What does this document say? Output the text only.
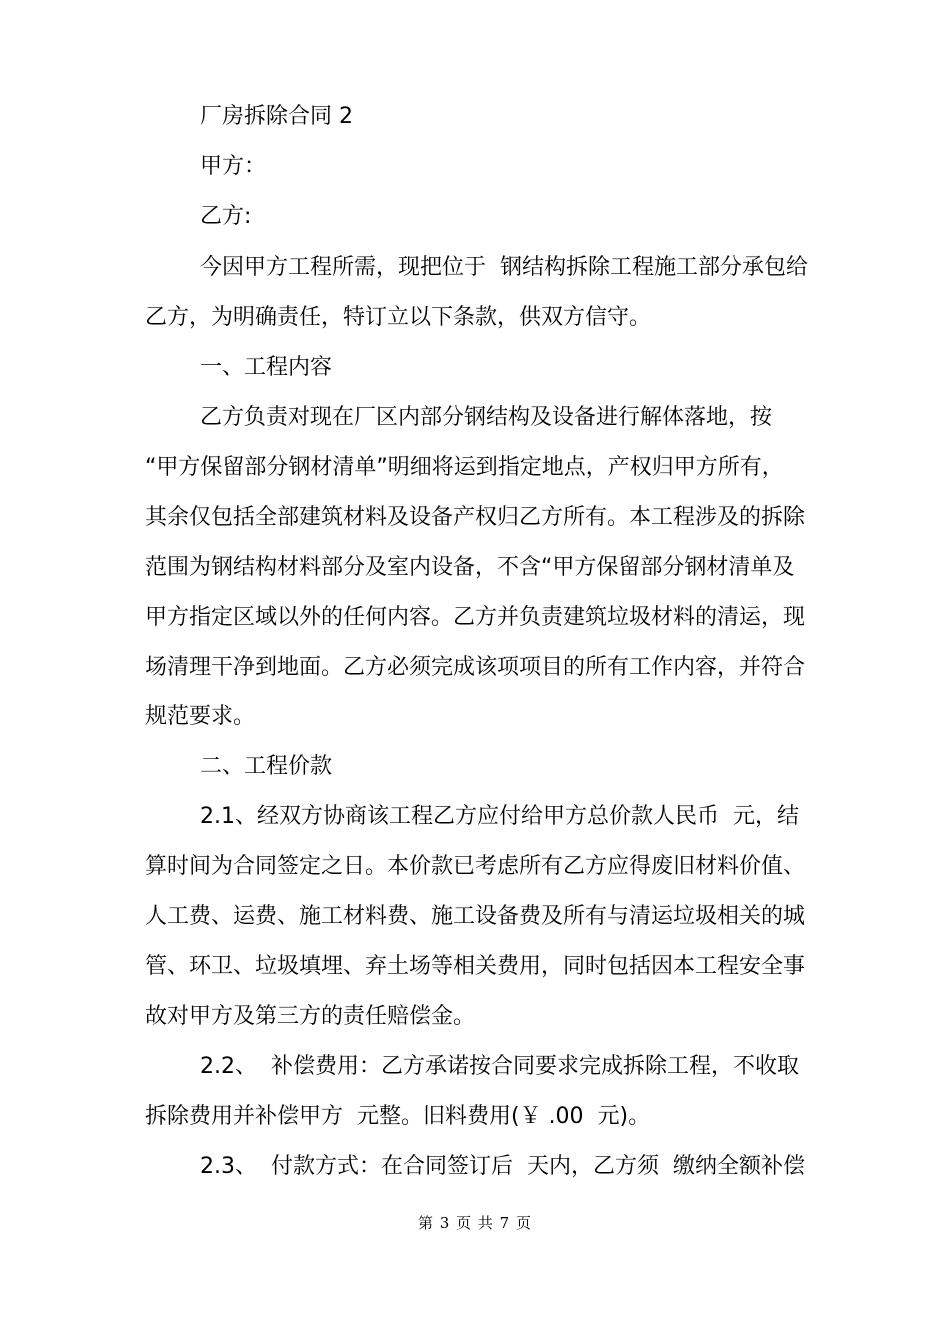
厂房拆除合同 2

甲方：

乙方:

今因甲方工程所需，现把位于  钢结构拆除工程施工部分承包给

乙方，为明确责任，特订立以下条款，供双方信守。

一、工程内容

乙方负责对现在厂区内部分钢结构及设备进行解体落地，按

“甲方保留部分钢材清单”明细将运到指定地点，产权归甲方所有，

其余仅包括全部建筑材料及设备产权归乙方所有。本工程涉及的拆除

范围为钢结构材料部分及室内设备，不含“甲方保留部分钢材清单及

甲方指定区域以外的任何内容。乙方并负责建筑垃圾材料的清运，现

场清理干净到地面。乙方必须完成该项项目的所有工作内容，并符合

规范要求。

二、工程价款

2.1、经双方协商该工程乙方应付给甲方总价款人民币  元，结

算时间为合同签定之日。本价款已考虑所有乙方应得废旧材料价值、

人工费、运费、施工材料费、施工设备费及所有与清运垃圾相关的城

管、环卫、垃圾填埋、弃土场等相关费用，同时包括因本工程安全事

故对甲方及第三方的责任赔偿金。

2.2、  补偿费用：乙方承诺按合同要求完成拆除工程，不收取

拆除费用并补偿甲方  元整。旧料费用(￥ .00  元)。

2.3、  付款方式：在合同签订后  天内，乙方须  缴纳全额补偿

第 3 页 共 7 页
